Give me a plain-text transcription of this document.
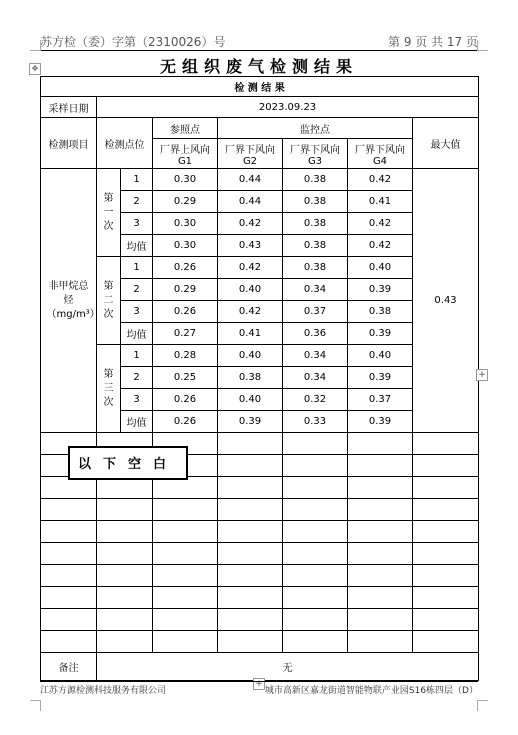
苏方检（委）字第（2310026）号	第 9 页 共 17 页
✥	无组织废气检测结果
检 测 结 果							
采样日期	2023.09.23						
检测项目	检测点位		参照点	监控点			最大值
			厂界上风向G1	厂界下风向G2	厂界下风向G3	厂界下风向G4	
非甲烷总烃（mg/m³）	第一次	1	0.30	0.44	0.38	0.42	0.43
		2	0.29	0.44	0.38	0.41	
		3	0.30	0.42	0.38	0.42	
		均值	0.30	0.43	0.38	0.42	
	第二次	1	0.26	0.42	0.38	0.40	
		2	0.29	0.40	0.34	0.39	
		3	0.26	0.42	0.37	0.38	
		均值	0.27	0.41	0.36	0.39	
	第三次	1	0.28	0.40	0.34	0.40	
		2	0.25	0.38	0.34	0.39	
		3	0.26	0.40	0.32	0.37	
		均值	0.26	0.39	0.33	0.39	

备注	无						
以下空白
+
+
江苏方源检测科技服务有限公司	城市高新区嘉龙街道智能物联产业园S16栋四层（D）
